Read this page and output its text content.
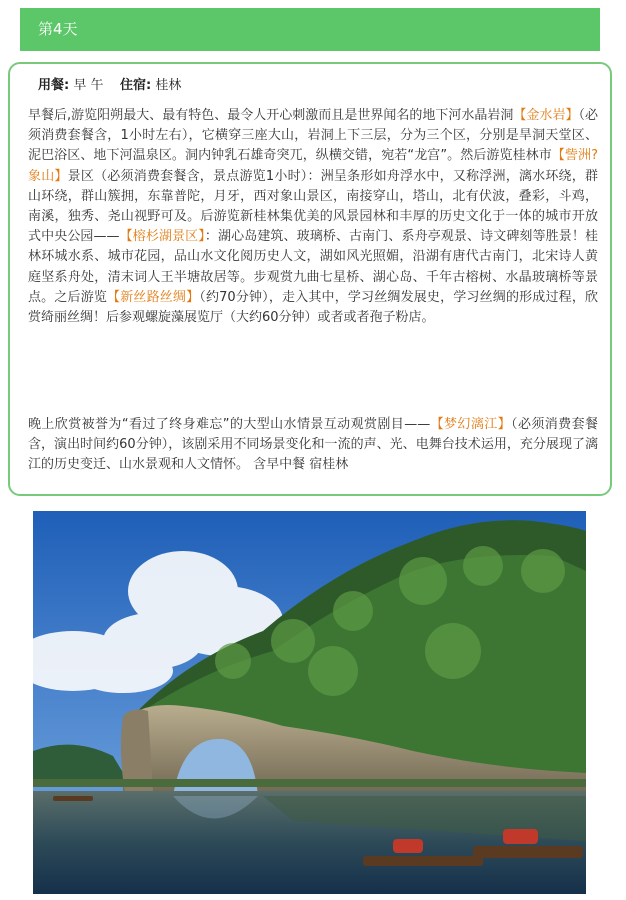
第4天
用餐: 早 午 住宿: 桂林
早餐后,游览阳朔最大、最有特色、最令人开心刺激而且是世界闻名的地下河水晶岩洞【金水岩】（必须消费套餐含，1小时左右），它横穿三座大山，岩洞上下三层，分为三个区，分别是旱洞天堂区、泥巴浴区、地下河温泉区。洞内钟乳石雄奇突兀，纵横交错，宛若“龙宫”。然后游览桂林市【訾洲?象山】景区（必须消费套餐含，景点游览1小时）：洲呈条形如舟浮水中，又称浮洲，漓水环绕，群山环绕，群山簇拥，东靠普陀，月牙，西对象山景区，南接穿山，塔山，北有伏波，叠彩，斗鸡，南溪，独秀、尧山视野可及。后游览新桂林集优美的风景园林和丰厚的历史文化于一体的城市开放式中央公园——【榕杉湖景区】：湖心岛建筑、玻璃桥、古南门、系舟亭观景、诗文碑刻等胜景！桂林环城水系、城市花园，品山水文化阅历史人文，湖如风光照媚，沿湖有唐代古南门，北宋诗人黄庭坚系舟处，清末词人王半塘故居等。步观赏九曲七星桥、湖心岛、千年古榕树、水晶玻璃桥等景点。之后游览【新丝路丝绸】（约70分钟），走入其中，学习丝绸发展史，学习丝绸的形成过程，欣赏绮丽丝绸！后参观螺旋藻展览厅（大约60分钟）或者或者孢子粉店。
晚上欣赏被誉为“看过了终身难忘”的大型山水情景互动观赏剧目——【梦幻漓江】（必须消费套餐含，演出时间约60分钟），该剧采用不同场景变化和一流的声、光、电舞台技术运用，充分展现了漓江的历史变迁、山水景观和人文情怀。 含早中餐 宿桂林
